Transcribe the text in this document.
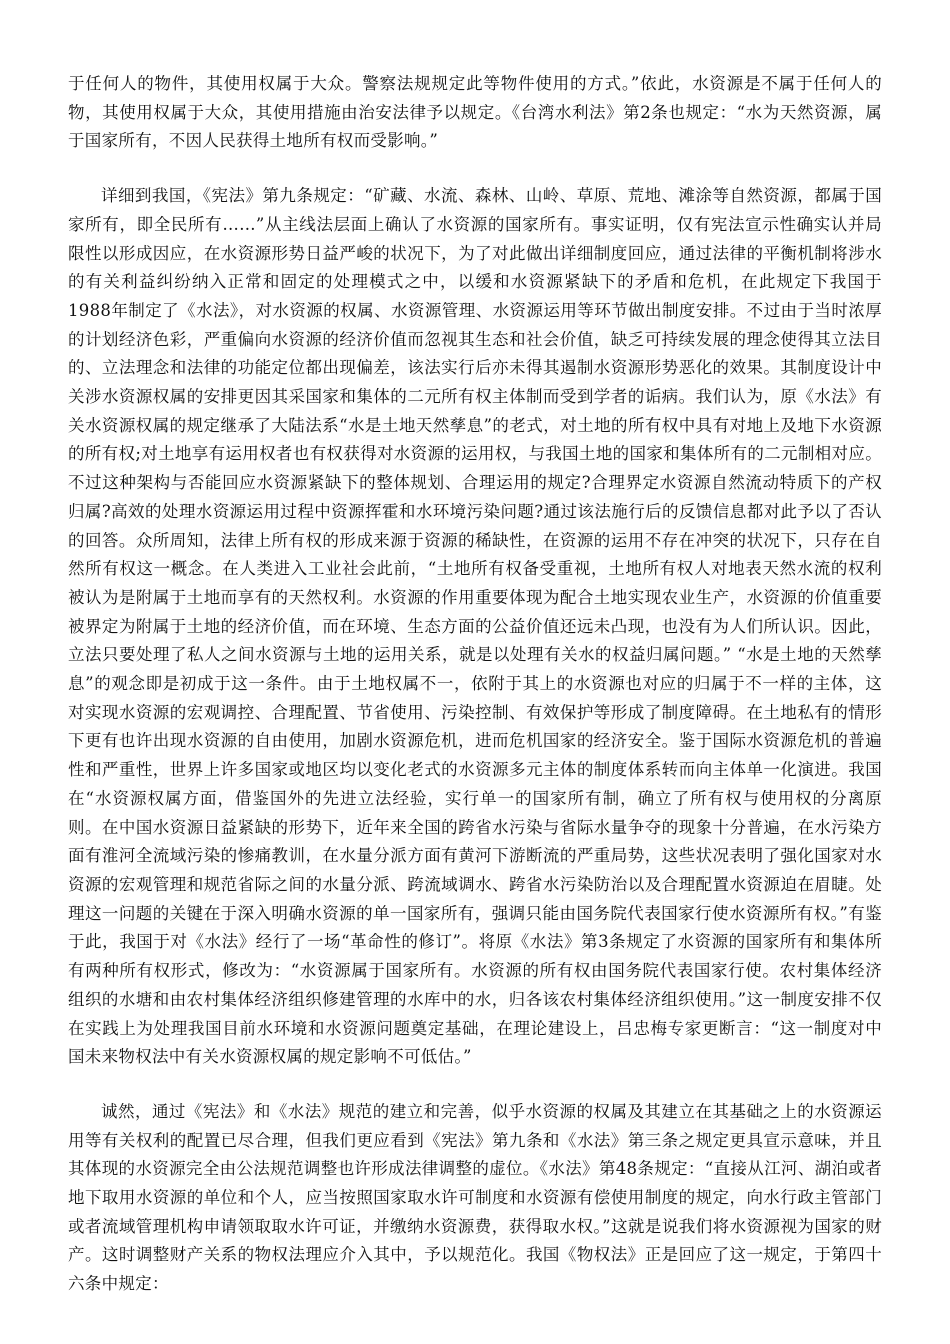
于任何人的物件，其使用权属于大众。警察法规规定此等物件使用的方式。”依此，水资源是不属于任何人的物，其使用权属于大众，其使用措施由治安法律予以规定。《台湾水利法》第2条也规定：“水为天然资源，属于国家所有，不因人民获得土地所有权而受影响。”

详细到我国，《宪法》第九条规定：“矿藏、水流、森林、山岭、草原、荒地、滩涂等自然资源，都属于国家所有，即全民所有……”从主线法层面上确认了水资源的国家所有。事实证明，仅有宪法宣示性确实认并局限性以形成因应，在水资源形势日益严峻的状况下，为了对此做出详细制度回应，通过法律的平衡机制将涉水的有关利益纠纷纳入正常和固定的处理模式之中，以缓和水资源紧缺下的矛盾和危机，在此规定下我国于1988年制定了《水法》，对水资源的权属、水资源管理、水资源运用等环节做出制度安排。不过由于当时浓厚的计划经济色彩，严重偏向水资源的经济价值而忽视其生态和社会价值，缺乏可持续发展的理念使得其立法目的、立法理念和法律的功能定位都出现偏差，该法实行后亦未得其遏制水资源形势恶化的效果。其制度设计中关涉水资源权属的安排更因其采国家和集体的二元所有权主体制而受到学者的诟病。我们认为，原《水法》有关水资源权属的规定继承了大陆法系“水是土地天然孳息”的老式，对土地的所有权中具有对地上及地下水资源的所有权;对土地享有运用权者也有权获得对水资源的运用权，与我国土地的国家和集体所有的二元制相对应。不过这种架构与否能回应水资源紧缺下的整体规划、合理运用的规定?合理界定水资源自然流动特质下的产权归属?高效的处理水资源运用过程中资源挥霍和水环境污染问题?通过该法施行后的反馈信息都对此予以了否认的回答。众所周知，法律上所有权的形成来源于资源的稀缺性，在资源的运用不存在冲突的状况下，只存在自然所有权这一概念。在人类进入工业社会此前，“土地所有权备受重视，土地所有权人对地表天然水流的权利被认为是附属于土地而享有的天然权利。水资源的作用重要体现为配合土地实现农业生产，水资源的价值重要被界定为附属于土地的经济价值，而在环境、生态方面的公益价值还远未凸现，也没有为人们所认识。因此，立法只要处理了私人之间水资源与土地的运用关系，就是以处理有关水的权益归属问题。” “水是土地的天然孳息”的观念即是初成于这一条件。由于土地权属不一，依附于其上的水资源也对应的归属于不一样的主体，这对实现水资源的宏观调控、合理配置、节省使用、污染控制、有效保护等形成了制度障碍。在土地私有的情形下更有也许出现水资源的自由使用，加剧水资源危机，进而危机国家的经济安全。鉴于国际水资源危机的普遍性和严重性，世界上许多国家或地区均以变化老式的水资源多元主体的制度体系转而向主体单一化演进。我国在“水资源权属方面，借鉴国外的先进立法经验，实行单一的国家所有制，确立了所有权与使用权的分离原则。在中国水资源日益紧缺的形势下，近年来全国的跨省水污染与省际水量争夺的现象十分普遍，在水污染方面有淮河全流域污染的惨痛教训，在水量分派方面有黄河下游断流的严重局势，这些状况表明了强化国家对水资源的宏观管理和规范省际之间的水量分派、跨流域调水、跨省水污染防治以及合理配置水资源迫在眉睫。处理这一问题的关键在于深入明确水资源的单一国家所有，强调只能由国务院代表国家行使水资源所有权。”有鉴于此，我国于对《水法》经行了一场“革命性的修订”。将原《水法》第3条规定了水资源的国家所有和集体所有两种所有权形式，修改为：“水资源属于国家所有。水资源的所有权由国务院代表国家行使。农村集体经济组织的水塘和由农村集体经济组织修建管理的水库中的水，归各该农村集体经济组织使用。”这一制度安排不仅在实践上为处理我国目前水环境和水资源问题奠定基础，在理论建设上，吕忠梅专家更断言：“这一制度对中国未来物权法中有关水资源权属的规定影响不可低估。”

诚然，通过《宪法》和《水法》规范的建立和完善，似乎水资源的权属及其建立在其基础之上的水资源运用等有关权利的配置已尽合理，但我们更应看到《宪法》第九条和《水法》第三条之规定更具宣示意味，并且其体现的水资源完全由公法规范调整也许形成法律调整的虚位。《水法》第48条规定：“直接从江河、湖泊或者地下取用水资源的单位和个人，应当按照国家取水许可制度和水资源有偿使用制度的规定，向水行政主管部门或者流域管理机构申请领取取水许可证，并缴纳水资源费，获得取水权。”这就是说我们将水资源视为国家的财产。这时调整财产关系的物权法理应介入其中，予以规范化。我国《物权法》正是回应了这一规定，于第四十六条中规定：
